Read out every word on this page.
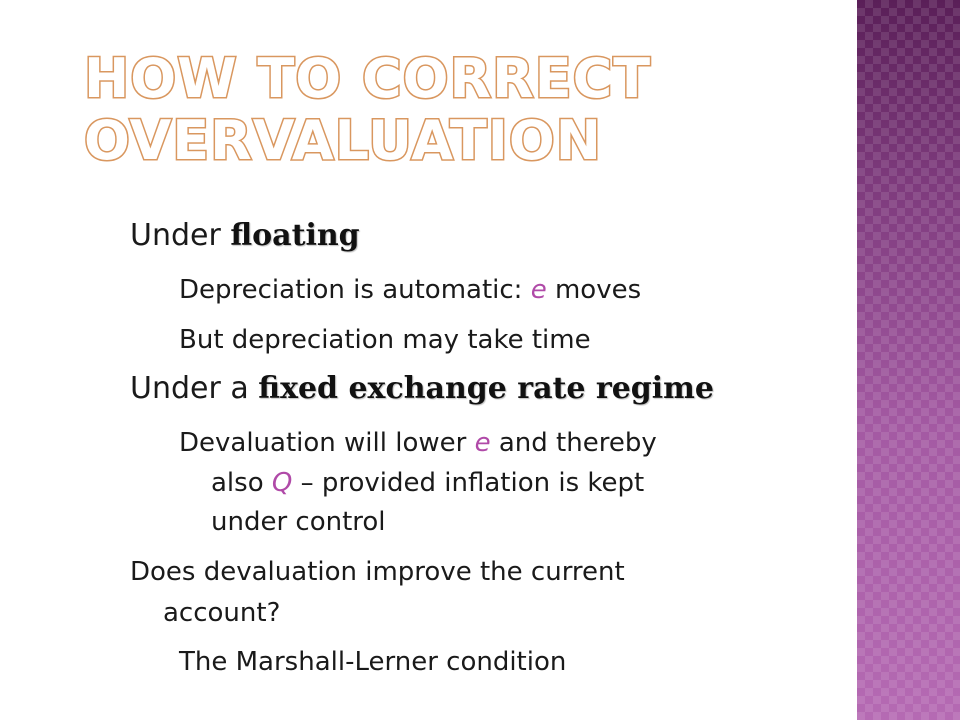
HOW TO CORRECT
OVERVALUATION

Under floating

Depreciation is automatic: e moves

But depreciation may take time

Under a fixed exchange rate regime

Devaluation will lower e and thereby

also Q – provided inflation is kept

under control

Does devaluation improve the current

account?

The Marshall-Lerner condition
